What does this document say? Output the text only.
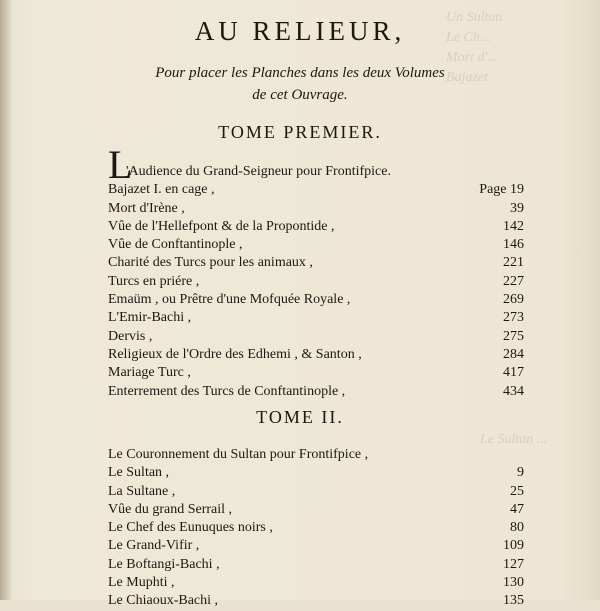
Un Sultan
Le Ch...
Mort d'...
Bajazet
Le Sultan ...
AU RELIEUR,
Pour placer les Planches dans les deux Volumes
de cet Ouvrage.
TOME PREMIER.
L
'Audience du Grand-Seigneur pour Frontifpice.
Bajazet I. en cage ,	Page 19
Mort d'Irène ,	39
Vûe de l'Hellefpont & de la Propontide ,	142
Vûe de Conftantinople ,	146
Charité des Turcs pour les animaux ,	221
Turcs en priére ,	227
Emaüm , ou Prêtre d'une Mofquée Royale ,	269
L'Emir-Bachi ,	273
Dervis ,	275
Religieux de l'Ordre des Edhemi , & Santon ,	284
Mariage Turc ,	417
Enterrement des Turcs de Conftantinople ,	434
TOME II.
Le Couronnement du Sultan pour Frontifpice ,
Le Sultan ,	9
La Sultane ,	25
Vûe du grand Serrail ,	47
Le Chef des Eunuques noirs ,	80
Le Grand-Vifir ,	109
Le Boftangi-Bachi ,	127
Le Muphti ,	130
Le Chiaoux-Bachi ,	135
